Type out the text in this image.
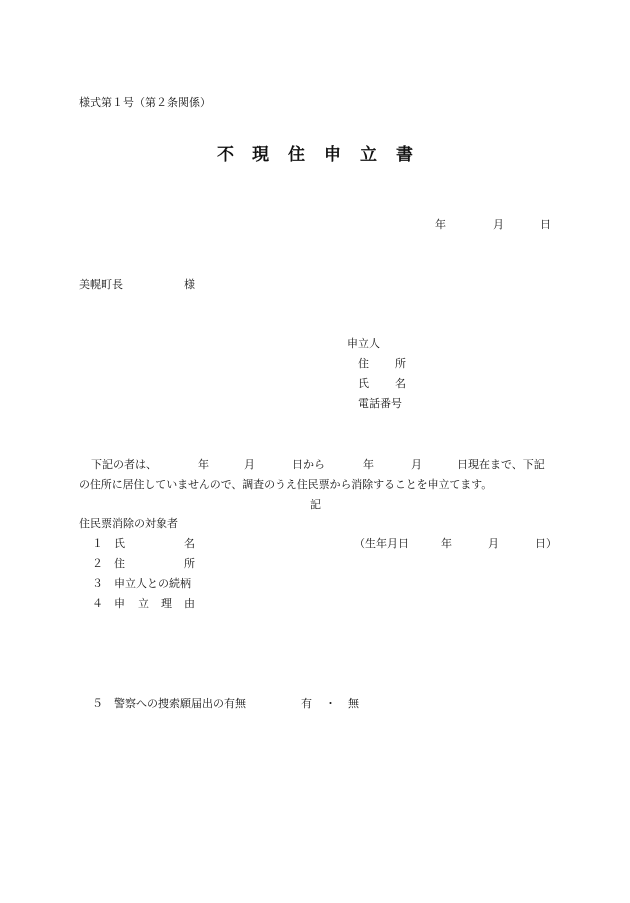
様式第１号（第２条関係）
不 現 住 申 立 書
年	月	日
美幌町長	様
申立人
住 所
氏 名
電話番号
下記の者は、	年	月	日から	年	月	日現在まで、下記
の住所に居住していませんので、調査のうえ住民票から消除することを申立てます。
記
住民票消除の対象者
１ 氏	名	（生年月日	年	月	日）
２ 住	所
３ 申立人との続柄
４ 申 立 理 由
５ 警察への捜索願届出の有無	有 ・ 無
